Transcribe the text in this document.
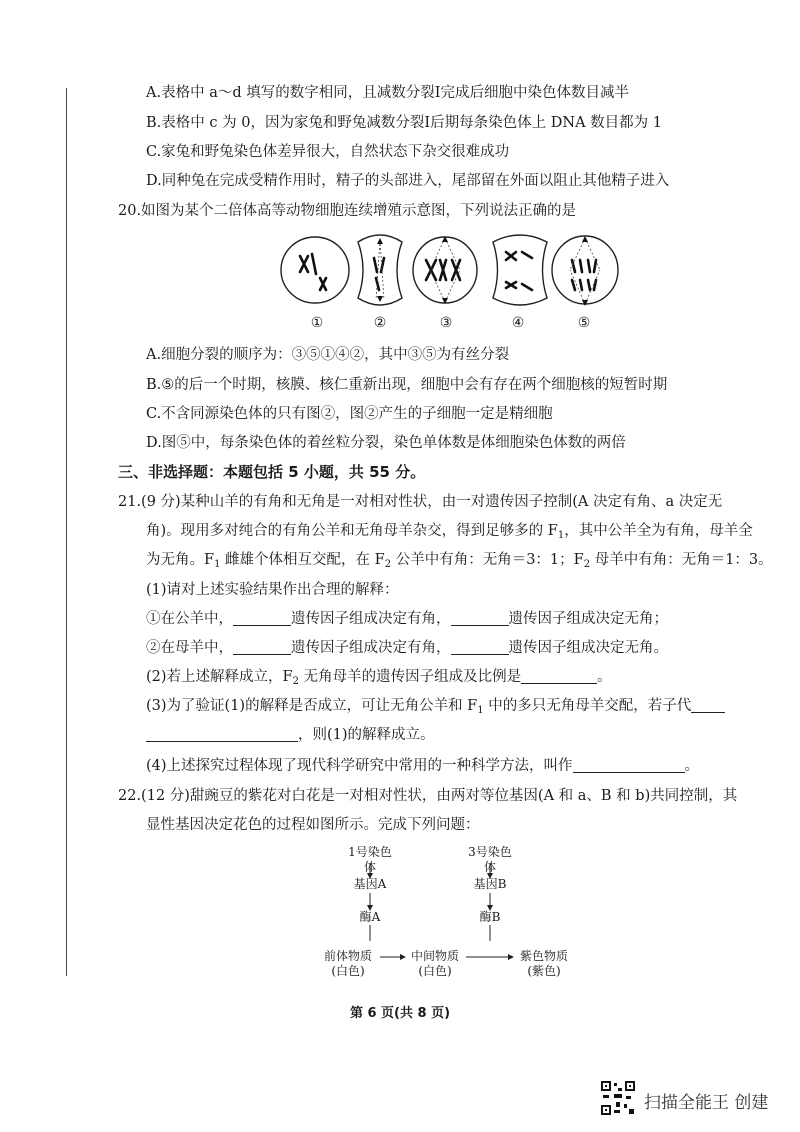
A.表格中 a～d 填写的数字相同，且减数分裂Ⅰ完成后细胞中染色体数目减半
B.表格中 c 为 0，因为家兔和野兔减数分裂Ⅰ后期每条染色体上 DNA 数目都为 1
C.家兔和野兔染色体差异很大，自然状态下杂交很难成功
D.同种兔在完成受精作用时，精子的头部进入，尾部留在外面以阻止其他精子进入
20.如图为某个二倍体高等动物细胞连续增殖示意图，下列说法正确的是
①	②	③	④	⑤
A.细胞分裂的顺序为：③⑤①④②，其中③⑤为有丝分裂
B.⑤的后一个时期，核膜、核仁重新出现，细胞中会有存在两个细胞核的短暂时期
C.不含同源染色体的只有图②，图②产生的子细胞一定是精细胞
D.图⑤中，每条染色体的着丝粒分裂，染色单体数是体细胞染色体数的两倍
三、非选择题：本题包括 5 小题，共 55 分。
21.(9 分)某种山羊的有角和无角是一对相对性状，由一对遗传因子控制(A 决定有角、a 决定无
角)。现用多对纯合的有角公羊和无角母羊杂交，得到足够多的 $F_1$，其中公羊全为有角，母羊全
为无角。$F_1$ 雌雄个体相互交配，在 $F_2$ 公羊中有角：无角＝3：1；$F_2$ 母羊中有角：无角＝1：3。
(1)请对上述实验结果作出合理的解释：
①在公羊中，	遗传因子组成决定有角，	遗传因子组成决定无角；
②在母羊中，	遗传因子组成决定有角，	遗传因子组成决定无角。
(2)若上述解释成立，$F_2$ 无角母羊的遗传因子组成及比例是	。
(3)为了验证(1)的解释是否成立，可让无角公羊和 $F_1$ 中的多只无角母羊交配，若子代
，则(1)的解释成立。
(4)上述探究过程体现了现代科学研究中常用的一种科学方法，叫作	。
22.(12 分)甜豌豆的紫花对白花是一对相对性状，由两对等位基因(A 和 a、B 和 b)共同控制，其
显性基因决定花色的过程如图所示。完成下列问题：
1号染色体
3号染色体
基因A	基因B
酶A	酶B
前体物质
(白色)
中间物质
(白色)
紫色物质
(紫色)
第 6 页(共 8 页)
扫描全能王 创建
